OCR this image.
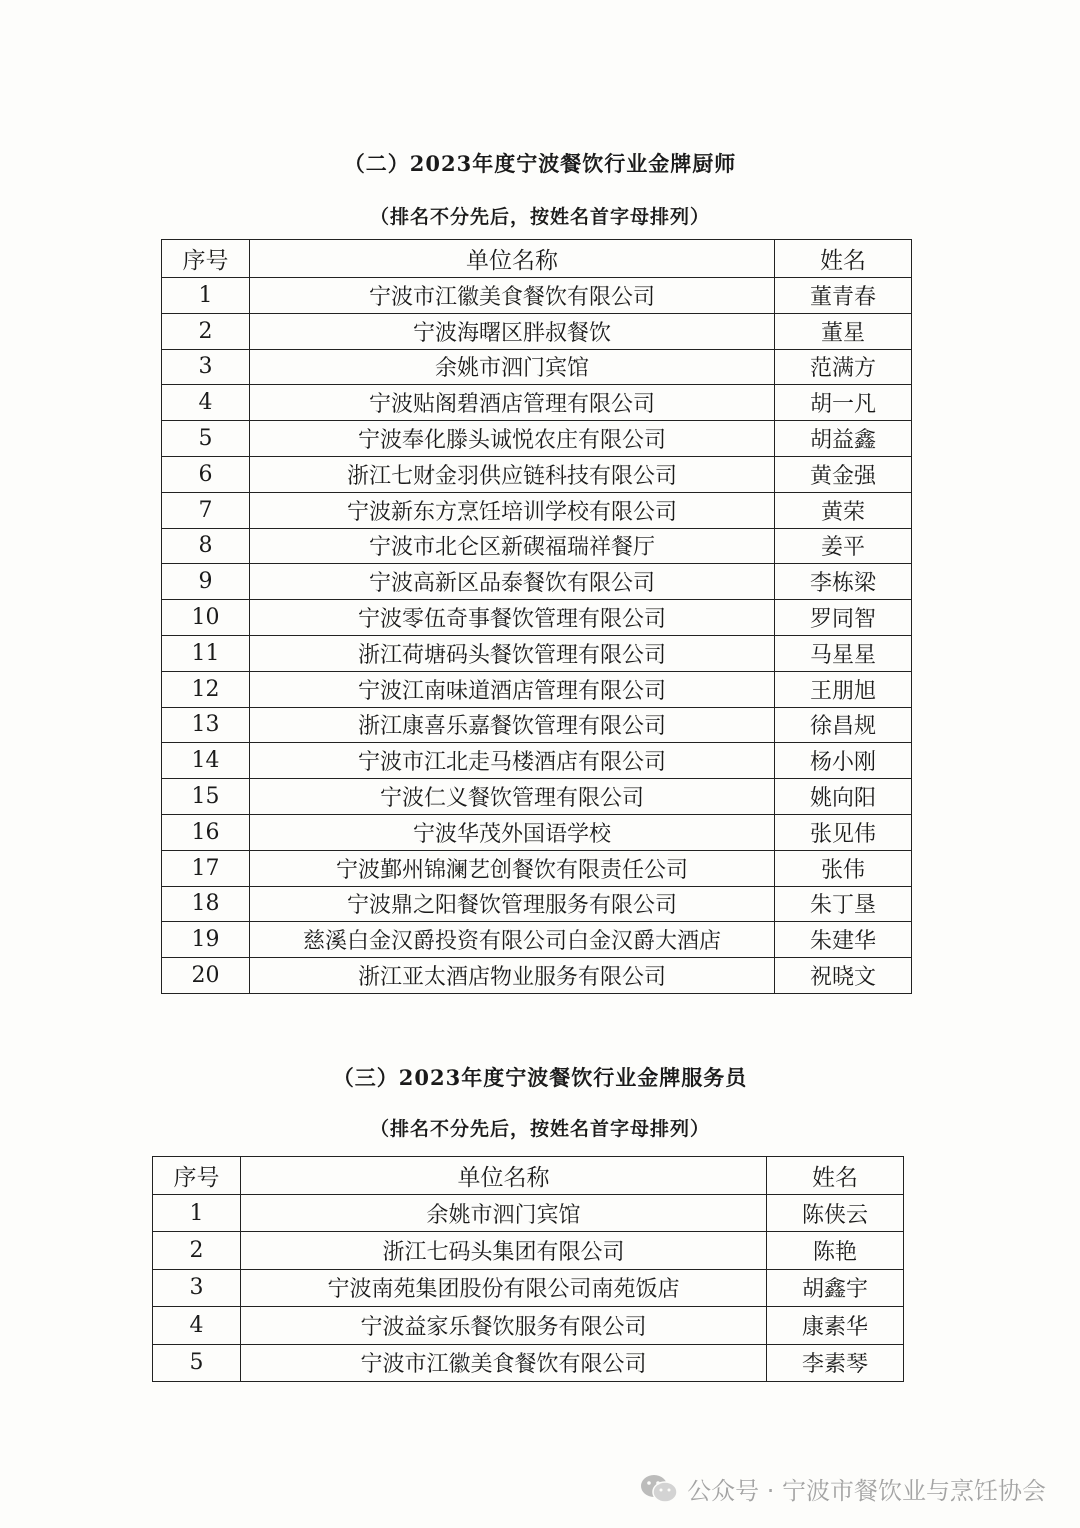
（二）2023年度宁波餐饮行业金牌厨师
（排名不分先后，按姓名首字母排列）
序号	单位名称	姓名
1	宁波市江徽美食餐饮有限公司	董青春
2	宁波海曙区胖叔餐饮	董星
3	余姚市泗门宾馆	范满方
4	宁波贴阁碧酒店管理有限公司	胡一凡
5	宁波奉化滕头诚悦农庄有限公司	胡益鑫
6	浙江七财金羽供应链科技有限公司	黄金强
7	宁波新东方烹饪培训学校有限公司	黄荣
8	宁波市北仑区新碶福瑞祥餐厅	姜平
9	宁波高新区品泰餐饮有限公司	李栋梁
10	宁波零伍奇事餐饮管理有限公司	罗同智
11	浙江荷塘码头餐饮管理有限公司	马星星
12	宁波江南味道酒店管理有限公司	王朋旭
13	浙江康喜乐嘉餐饮管理有限公司	徐昌规
14	宁波市江北走马楼酒店有限公司	杨小刚
15	宁波仁义餐饮管理有限公司	姚向阳
16	宁波华茂外国语学校	张见伟
17	宁波鄞州锦澜艺创餐饮有限责任公司	张伟
18	宁波鼎之阳餐饮管理服务有限公司	朱丁垦
19	慈溪白金汉爵投资有限公司白金汉爵大酒店	朱建华
20	浙江亚太酒店物业服务有限公司	祝晓文
（三）2023年度宁波餐饮行业金牌服务员
（排名不分先后，按姓名首字母排列）
序号	单位名称	姓名
1	余姚市泗门宾馆	陈侠云
2	浙江七码头集团有限公司	陈艳
3	宁波南苑集团股份有限公司南苑饭店	胡鑫宇
4	宁波益家乐餐饮服务有限公司	康素华
5	宁波市江徽美食餐饮有限公司	李素琴
公众号 · 宁波市餐饮业与烹饪协会
